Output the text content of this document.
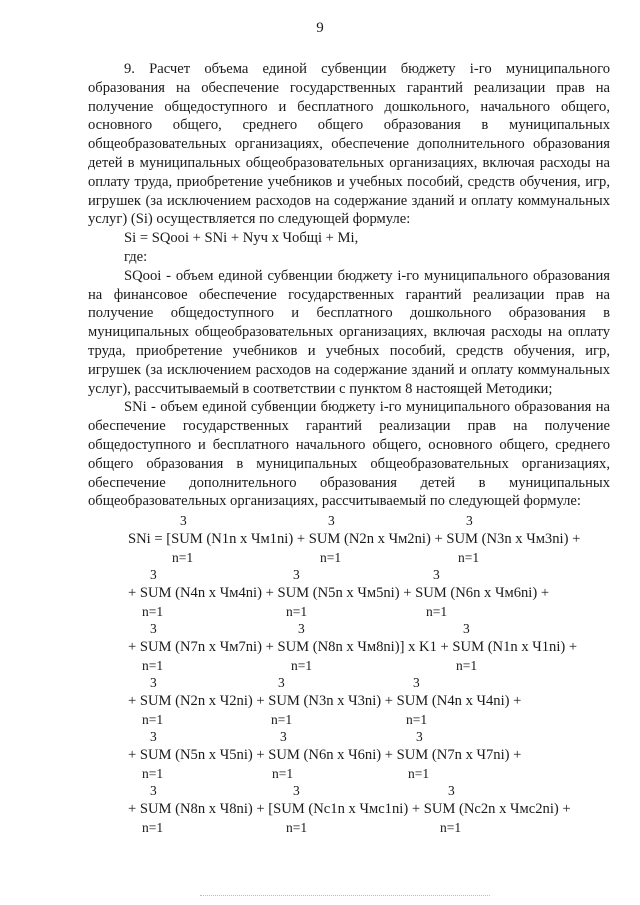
9

9. Расчет объема единой субвенции бюджету i-го муниципального образования на обеспечение государственных гарантий реализации прав на получение общедоступного и бесплатного дошкольного, начального общего, основного общего, среднего общего образования в муниципальных общеобразовательных организациях, обеспечение дополнительного образования детей в муниципальных общеобразовательных организациях, включая расходы на оплату труда, приобретение учебников и учебных пособий, средств обучения, игр, игрушек (за исключением расходов на содержание зданий и оплату коммунальных услуг) (Si) осуществляется по следующей формуле:

Si = SQooi + SNi + Nуч x Чобщi + Mi,

где:

SQooi - объем единой субвенции бюджету i-го муниципального образования на финансовое обеспечение государственных гарантий реализации прав на получение общедоступного и бесплатного дошкольного образования в муниципальных общеобразовательных организациях, включая расходы на оплату труда, приобретение учебников и учебных пособий, средств обучения, игр, игрушек (за исключением расходов на содержание зданий и оплату коммунальных услуг), рассчитываемый в соответствии с пунктом 8 настоящей Методики;

SNi - объем единой субвенции бюджету i-го муниципального образования на обеспечение государственных гарантий реализации прав на получение общедоступного и бесплатного начального общего, основного общего, среднего общего образования в муниципальных общеобразовательных организациях, обеспечение дополнительного образования детей в муниципальных общеобразовательных организациях, рассчитываемый по следующей формуле:

SNi = [SUM (N1n x Чм1ni) + SUM (N2n x Чм2ni) + SUM (N3n x Чм3ni) +
3
n=1
3
n=1
3
n=1
+ SUM (N4n x Чм4ni) + SUM (N5n x Чм5ni) + SUM (N6n x Чм6ni) +
3
n=1
3
n=1
3
n=1
+ SUM (N7n x Чм7ni) + SUM (N8n x Чм8ni)] x K1 + SUM (N1n x Ч1ni) +
3
n=1
3
n=1
3
n=1
+ SUM (N2n x Ч2ni) + SUM (N3n x Ч3ni) + SUM (N4n x Ч4ni) +
3
n=1
3
n=1
3
n=1
+ SUM (N5n x Ч5ni) + SUM (N6n x Ч6ni) + SUM (N7n x Ч7ni) +
3
n=1
3
n=1
3
n=1
+ SUM (N8n x Ч8ni) + [SUM (Nc1n x Чмc1ni) + SUM (Nc2n x Чмc2ni) +
3
n=1
3
n=1
3
n=1
